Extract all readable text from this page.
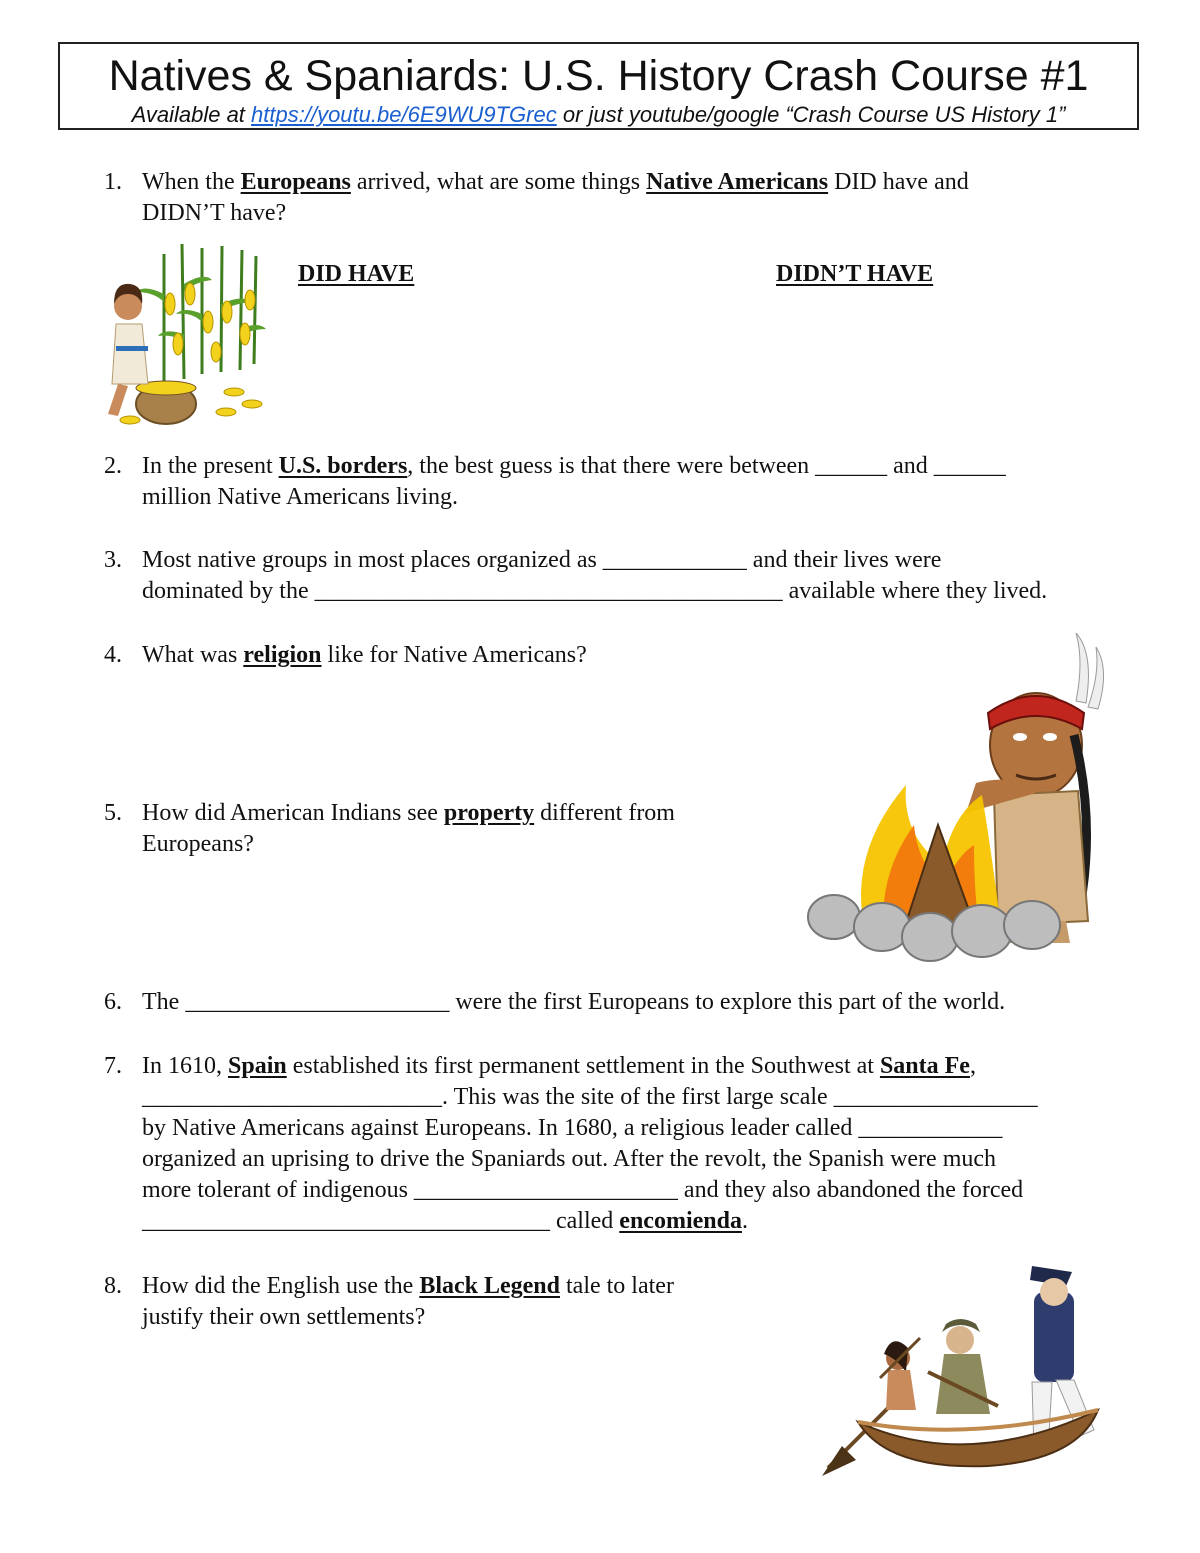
Natives & Spaniards: U.S. History Crash Course #1
Available at https://youtu.be/6E9WU9TGrec or just youtube/google “Crash Course US History 1”
1. When the Europeans arrived, what are some things Native Americans DID have and
DIDN’T have?
DID HAVE	DIDN’T HAVE
2. In the present U.S. borders, the best guess is that there were between ______ and ______
million Native Americans living.
3. Most native groups in most places organized as ____________ and their lives were
dominated by the _______________________________________ available where they lived.
4. What was religion like for Native Americans?
5. How did American Indians see property different from
Europeans?
6. The ______________________ were the first Europeans to explore this part of the world.
7. In 1610, Spain established its first permanent settlement in the Southwest at Santa Fe,
_________________________. This was the site of the first large scale _________________
by Native Americans against Europeans. In 1680, a religious leader called ____________
organized an uprising to drive the Spaniards out. After the revolt, the Spanish were much
more tolerant of indigenous ______________________ and they also abandoned the forced
__________________________________ called encomienda.
8. How did the English use the Black Legend tale to later
justify their own settlements?
